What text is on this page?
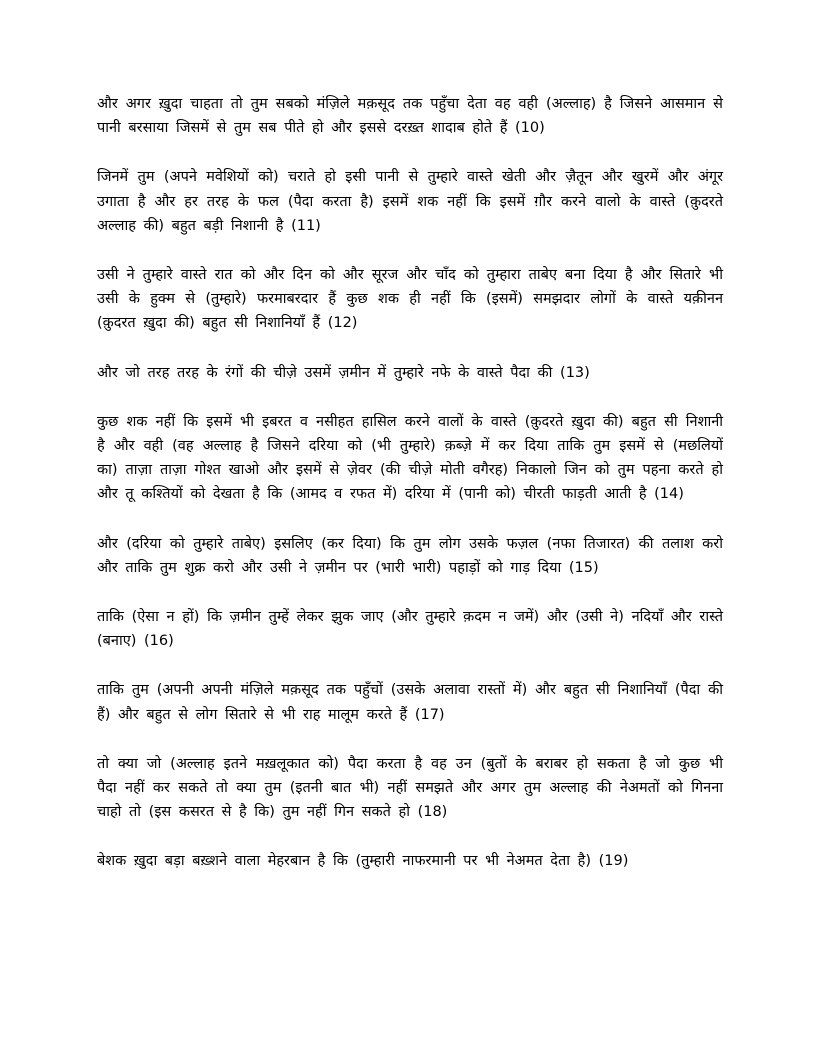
और अगर ख़ुदा चाहता तो तुम सबको मंज़िले मक़सूद तक पहुँचा देता वह वही (अल्लाह) है जिसने आसमान से पानी बरसाया जिसमें से तुम सब पीते हो और इससे दरख़्त शादाब होते हैं (10)

जिनमें तुम (अपने मवेशियों को) चराते हो इसी पानी से तुम्हारे वास्ते खेती और ज़ैतून और खुरमें और अंगूर उगाता है और हर तरह के फल (पैदा करता है) इसमें शक नहीं कि इसमें ग़ौर करने वालो के वास्ते (क़ुदरते अल्लाह की) बहुत बड़ी निशानी है (11)

उसी ने तुम्हारे वास्ते रात को और दिन को और सूरज और चाँद को तुम्हारा ताबेए बना दिया है और सितारे भी उसी के हुक्म से (तुम्हारे) फरमाबरदार हैं कुछ शक ही नहीं कि (इसमें) समझदार लोगों के वास्ते यक़ीनन (क़ुदरत ख़ुदा की) बहुत सी निशानियाँ हैं (12)

और जो तरह तरह के रंगों की चीज़े उसमें ज़मीन में तुम्हारे नफे के वास्ते पैदा की (13)

कुछ शक नहीं कि इसमें भी इबरत व नसीहत हासिल करने वालों के वास्ते (क़ुदरते ख़ुदा की) बहुत सी निशानी है और वही (वह अल्लाह है जिसने दरिया को (भी तुम्हारे) क़ब्ज़े में कर दिया ताकि तुम इसमें से (मछलियों का) ताज़ा ताज़ा गोश्त खाओ और इसमें से ज़ेवर (की चीजे़ मोती वगैरह) निकालो जिन को तुम पहना करते हो और तू कश्तियों को देखता है कि (आमद व रफत में) दरिया में (पानी को) चीरती फाड़ती आती है (14)

और (दरिया को तुम्हारे ताबेए) इसलिए (कर दिया) कि तुम लोग उसके फज़ल (नफा तिजारत) की तलाश करो और ताकि तुम शुक्र करो और उसी ने ज़मीन पर (भारी भारी) पहाड़ों को गाड़ दिया (15)

ताकि (ऐसा न हों) कि ज़मीन तुम्हें लेकर झुक जाए (और तुम्हारे क़दम न जमें) और (उसी ने) नदियाँ और रास्ते (बनाए) (16)

ताकि तुम (अपनी अपनी मंज़िले मक़सूद तक पहुँचों (उसके अलावा रास्तों में) और बहुत सी निशानियाँ (पैदा की हैं) और बहुत से लोग सितारे से भी राह मालूम करते हैं (17)

तो क्या जो (अल्लाह इतने मख़लूकात को) पैदा करता है वह उन (बुतों के बराबर हो सकता है जो कुछ भी पैदा नहीं कर सकते तो क्या तुम (इतनी बात भी) नहीं समझते और अगर तुम अल्लाह की नेअमतों को गिनना चाहो तो (इस कसरत से है कि) तुम नहीं गिन सकते हो (18)

बेशक ख़ुदा बड़ा बख़्शने वाला मेहरबान है कि (तुम्हारी नाफरमानी पर भी नेअमत देता है) (19)
